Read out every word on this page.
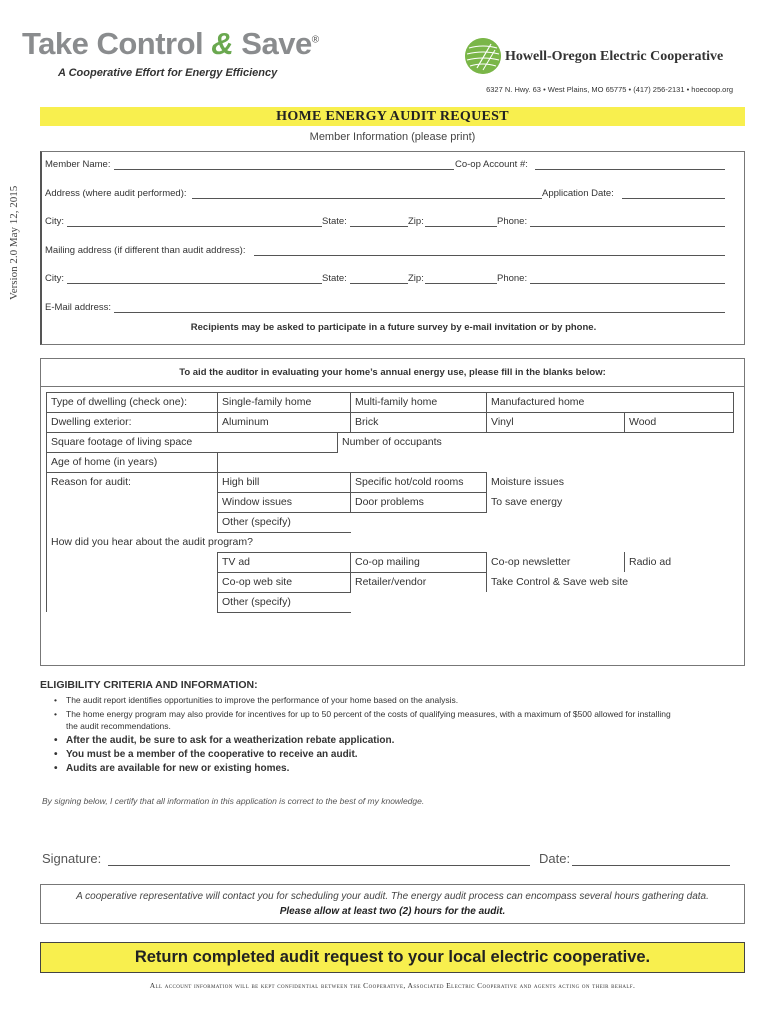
Take Control & Save®
A Cooperative Effort for Energy Efficiency
Howell-Oregon Electric Cooperative
6327 N. Hwy. 63 • West Plains, MO 65775 • (417) 256-2131 • hoecoop.org
HOME ENERGY AUDIT REQUEST
Member Information (please print)
Version 2.0 May 12, 2015
Member Name:	Co-op Account #:
Address (where audit performed):	Application Date:
City:	State:	Zip:	Phone:
Mailing address (if different than audit address):
City:	State:	Zip:	Phone:
E-Mail address:
Recipients may be asked to participate in a future survey by e-mail invitation or by phone.
To aid the auditor in evaluating your home’s annual energy use, please fill in the blanks below:
Type of dwelling (check one):	Single-family home	Multi-family home	Manufactured home
Dwelling exterior:	Aluminum	Brick	Vinyl	Wood
Square footage of living space	Number of occupants
Age of home (in years)
Reason for audit:	High bill	Specific hot/cold rooms	Moisture issues
Window issues	Door problems	To save energy
Other (specify)
How did you hear about the audit program?
TV ad	Co-op mailing	Co-op newsletter	Radio ad
Co-op web site	Retailer/vendor	Take Control & Save web site
Other (specify)
ELIGIBILITY CRITERIA AND INFORMATION:
• The audit report identifies opportunities to improve the performance of your home based on the analysis.
• The home energy program may also provide for incentives for up to 50 percent of the costs of qualifying measures, with a maximum of $500 allowed for installing
the audit recommendations.
• After the audit, be sure to ask for a weatherization rebate application.
• You must be a member of the cooperative to receive an audit.
• Audits are available for new or existing homes.
By signing below, I certify that all information in this application is correct to the best of my knowledge.
Signature:	Date:
A cooperative representative will contact you for scheduling your audit. The energy audit process can encompass several hours gathering data.
Please allow at least two (2) hours for the audit.
Return completed audit request to your local electric cooperative.
All account information will be kept confidential between the Cooperative, Associated Electric Cooperative and agents acting on their behalf.
